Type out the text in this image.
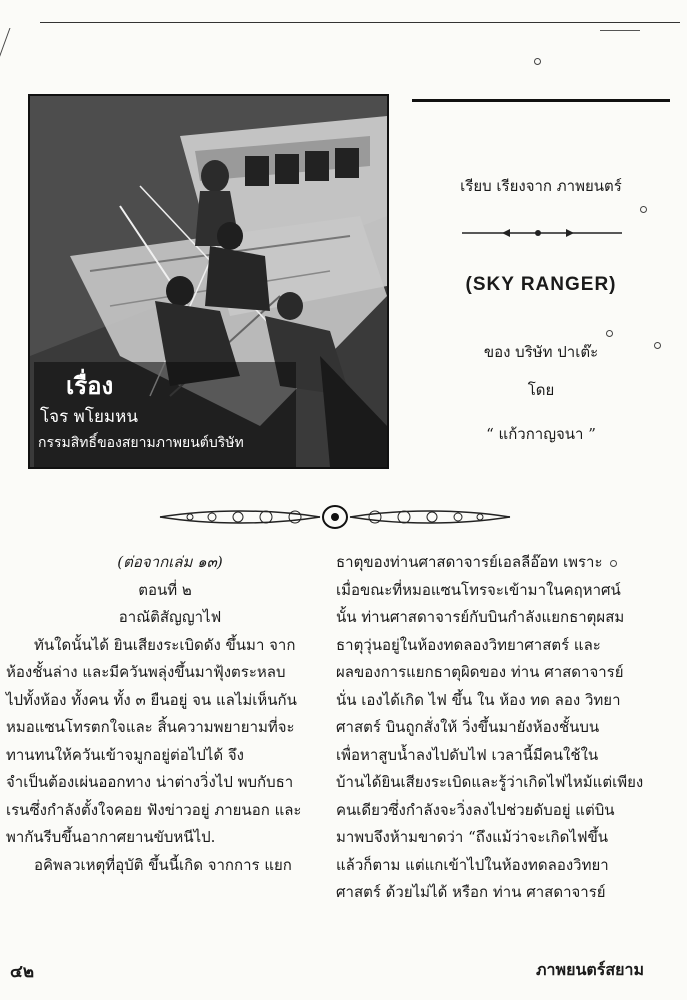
เรื่อง
โจร พโยมหน
กรรมสิทธิ์ของสยามภาพยนต์บริษัท
เรียบ เรียงจาก ภาพยนตร์
(SKY RANGER)
ของ บริษัท ปาเต๊ะ
โดย
“ แก้วกาญจนา ”

(ต่อจากเล่ม ๑๓)

ตอนที่ ๒

อาณัติสัญญาไฟ

ทันใดนั้นได้ ยินเสียงระเบิดดัง ขึ้นมา จาก

ห้องชั้นล่าง และมีควันพลุ่งขึ้นมาฟุ้งตระหลบ

ไปทั้งห้อง ทั้งคน ทั้ง ๓ ยืนอยู่ จน แลไม่เห็นกัน

หมอแซนโทรตกใจและ สิ้นความพยายามที่จะ

ทานทนให้ควันเข้าจมูกอยู่ต่อไปได้ จึง

จำเป็นต้องเผ่นออกทาง น่าต่างวิ่งไป พบกับธา

เรนซึ่งกำลังตั้งใจคอย ฟังข่าวอยู่ ภายนอก และ

พากันรีบขึ้นอากาศยานขับหนีไป.

อคิพลวเหตุที่อุบัติ ขึ้นนี้เกิด จากการ แยก

ธาตุของท่านศาสดาจารย์เอลลีอ๊อท เพราะ

เมื่อขณะที่หมอแซนโทรจะเข้ามาในคฤหาศน์

นั้น ท่านศาสดาจารย์กับบินกำลังแยกธาตุผสม

ธาตุวุ่นอยู่ในห้องทดลองวิทยาศาสตร์ และ

ผลของการแยกธาตุผิดของ ท่าน ศาสดาจารย์

นั่น เองได้เกิด ไฟ ขึ้น ใน ห้อง ทด ลอง วิทยา

ศาสตร์ บินถูกสั่งให้ วิ่งขึ้นมายังห้องชั้นบน

เพื่อหาสูบน้ำลงไปดับไฟ เวลานี้มีคนใช้ใน

บ้านได้ยินเสียงระเบิดและรู้ว่าเกิดไฟไหม้แต่เพียง

คนเดียวซึ่งกำลังจะวิ่งลงไปช่วยดับอยู่ แต่บิน

มาพบจึงห้ามขาดว่า “ถึงแม้ว่าจะเกิดไฟขึ้น

แล้วก็ตาม แต่แกเข้าไปในห้องทดลองวิทยา

ศาสตร์ ด้วยไม่ได้ หรือก ท่าน ศาสดาจารย์

๔๒	ภาพยนตร์สยาม
